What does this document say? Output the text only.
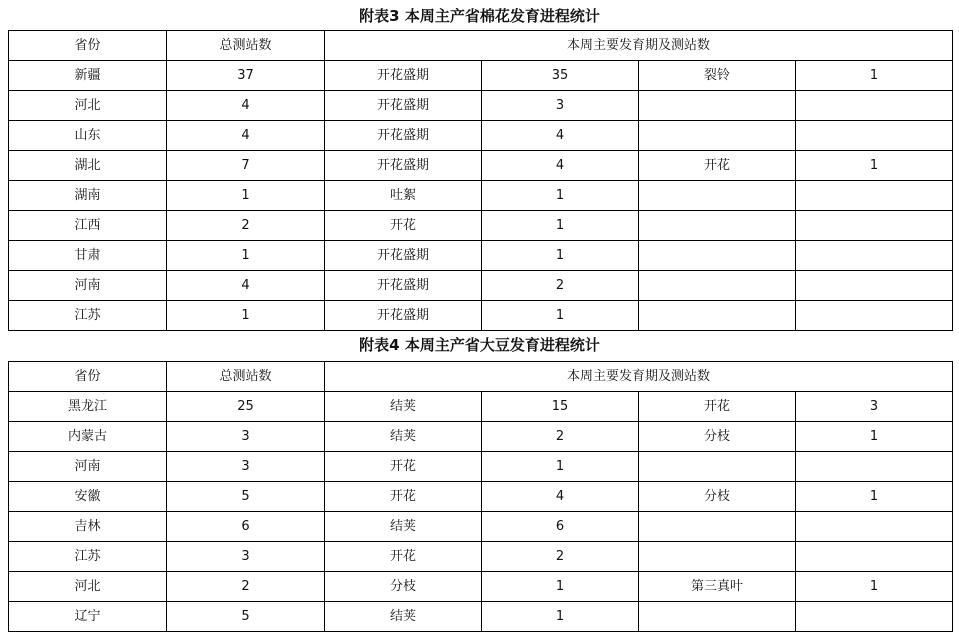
附表3 本周主产省棉花发育进程统计
省份	总测站数	本周主要发育期及测站数			
新疆	37	开花盛期	35	裂铃	1
河北	4	开花盛期	3		
山东	4	开花盛期	4		
湖北	7	开花盛期	4	开花	1
湖南	1	吐絮	1		
江西	2	开花	1		
甘肃	1	开花盛期	1		
河南	4	开花盛期	2		
江苏	1	开花盛期	1		
附表4 本周主产省大豆发育进程统计
省份	总测站数	本周主要发育期及测站数			
黑龙江	25	结荚	15	开花	3
内蒙古	3	结荚	2	分枝	1
河南	3	开花	1		
安徽	5	开花	4	分枝	1
吉林	6	结荚	6		
江苏	3	开花	2		
河北	2	分枝	1	第三真叶	1
辽宁	5	结荚	1		
